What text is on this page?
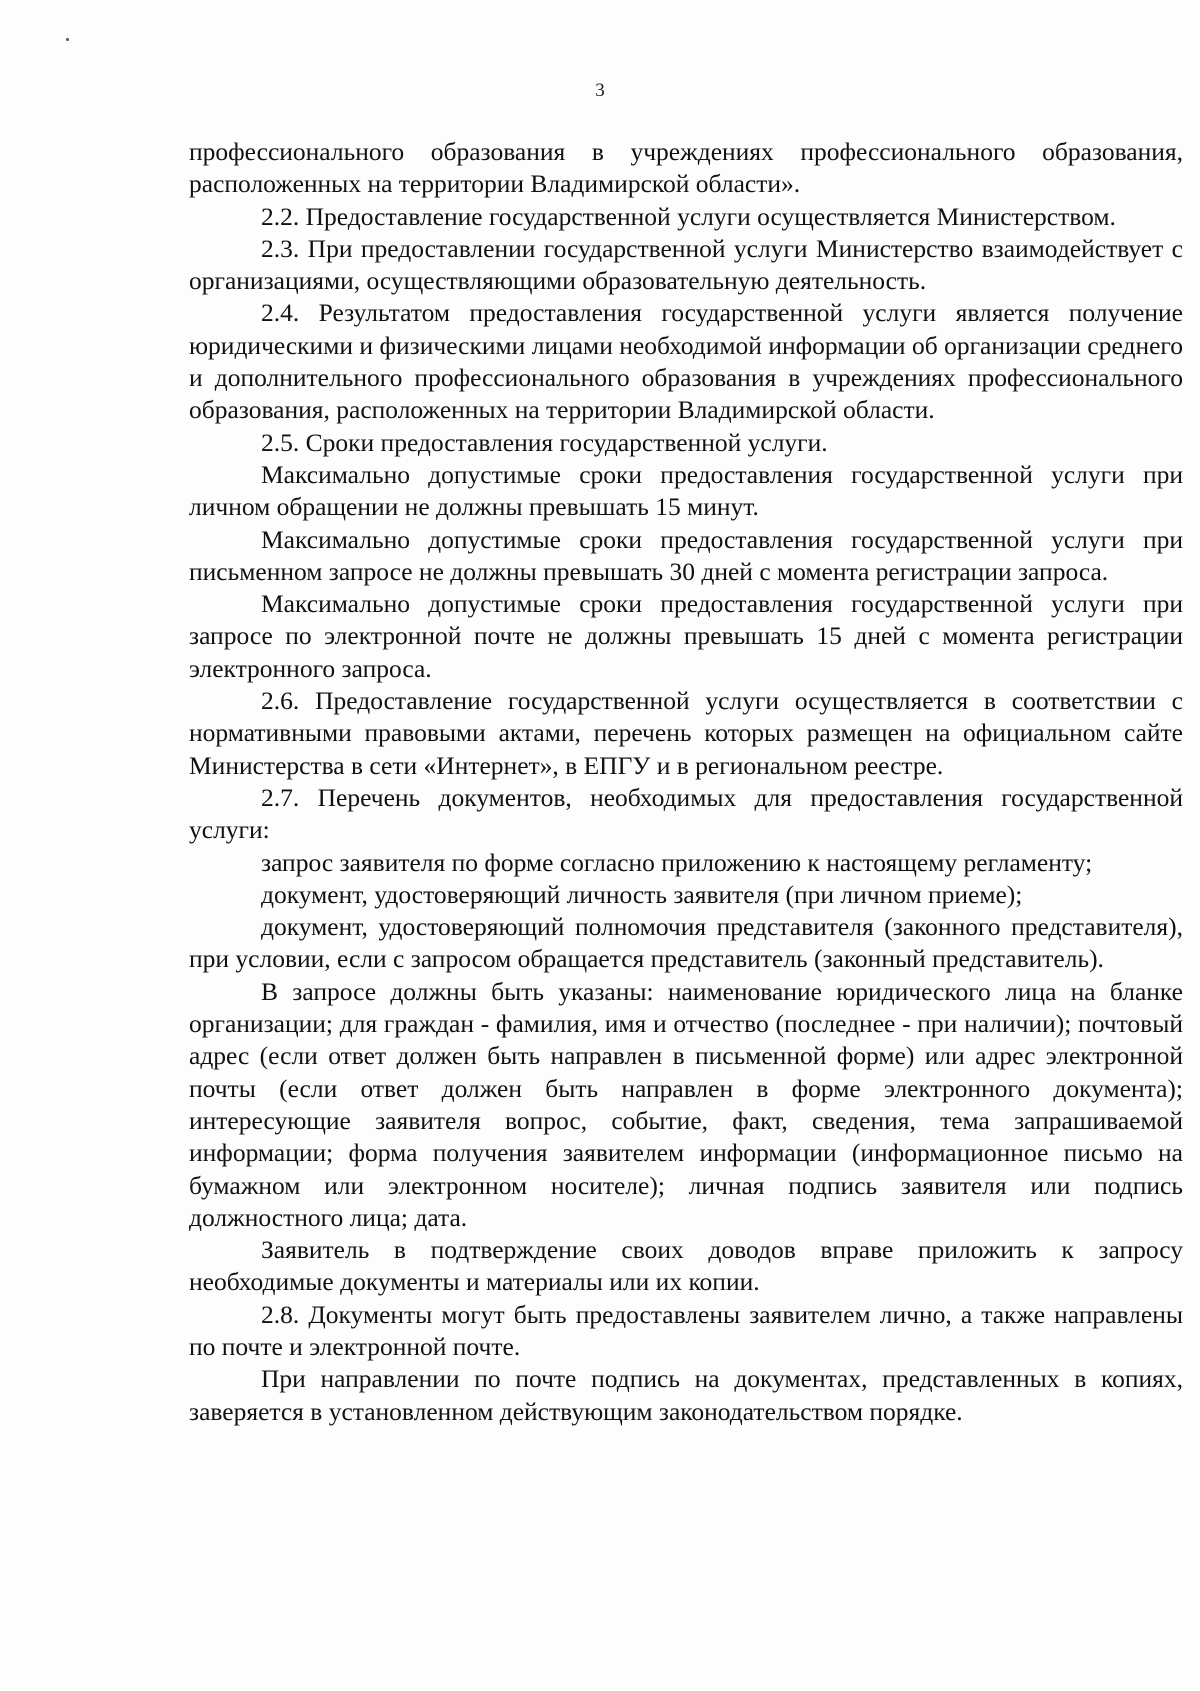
3

профессионального образования в учреждениях профессионального образования, расположенных на территории Владимирской области».

2.2. Предоставление государственной услуги осуществляется Министерством.

2.3. При предоставлении государственной услуги Министерство взаимодействует с организациями, осуществляющими образовательную деятельность.

2.4. Результатом предоставления государственной услуги является получение юридическими и физическими лицами необходимой информации об организации среднего и дополнительного профессионального образования в учреждениях профессионального образования, расположенных на территории Владимирской области.

2.5. Сроки предоставления государственной услуги.

Максимально допустимые сроки предоставления государственной услуги при личном обращении не должны превышать 15 минут.

Максимально допустимые сроки предоставления государственной услуги при письменном запросе не должны превышать 30 дней с момента регистрации запроса.

Максимально допустимые сроки предоставления государственной услуги при запросе по электронной почте не должны превышать 15 дней с момента регистрации электронного запроса.

2.6. Предоставление государственной услуги осуществляется в соответствии с нормативными правовыми актами, перечень которых размещен на официальном сайте Министерства в сети «Интернет», в ЕПГУ и в региональном реестре.

2.7. Перечень документов, необходимых для предоставления государственной услуги:

запрос заявителя по форме согласно приложению к настоящему регламенту;

документ, удостоверяющий личность заявителя (при личном приеме);

документ, удостоверяющий полномочия представителя (законного представителя), при условии, если с запросом обращается представитель (законный представитель).

В запросе должны быть указаны: наименование юридического лица на бланке организации; для граждан - фамилия, имя и отчество (последнее - при наличии); почтовый адрес (если ответ должен быть направлен в письменной форме) или адрес электронной почты (если ответ должен быть направлен в форме электронного документа); интересующие заявителя вопрос, событие, факт, сведения, тема запрашиваемой информации; форма получения заявителем информации (информационное письмо на бумажном или электронном носителе); личная подпись заявителя или подпись должностного лица; дата.

Заявитель в подтверждение своих доводов вправе приложить к запросу необходимые документы и материалы или их копии.

2.8. Документы могут быть предоставлены заявителем лично, а также направлены по почте и электронной почте.

При направлении по почте подпись на документах, представленных в копиях, заверяется в установленном действующим законодательством порядке.
